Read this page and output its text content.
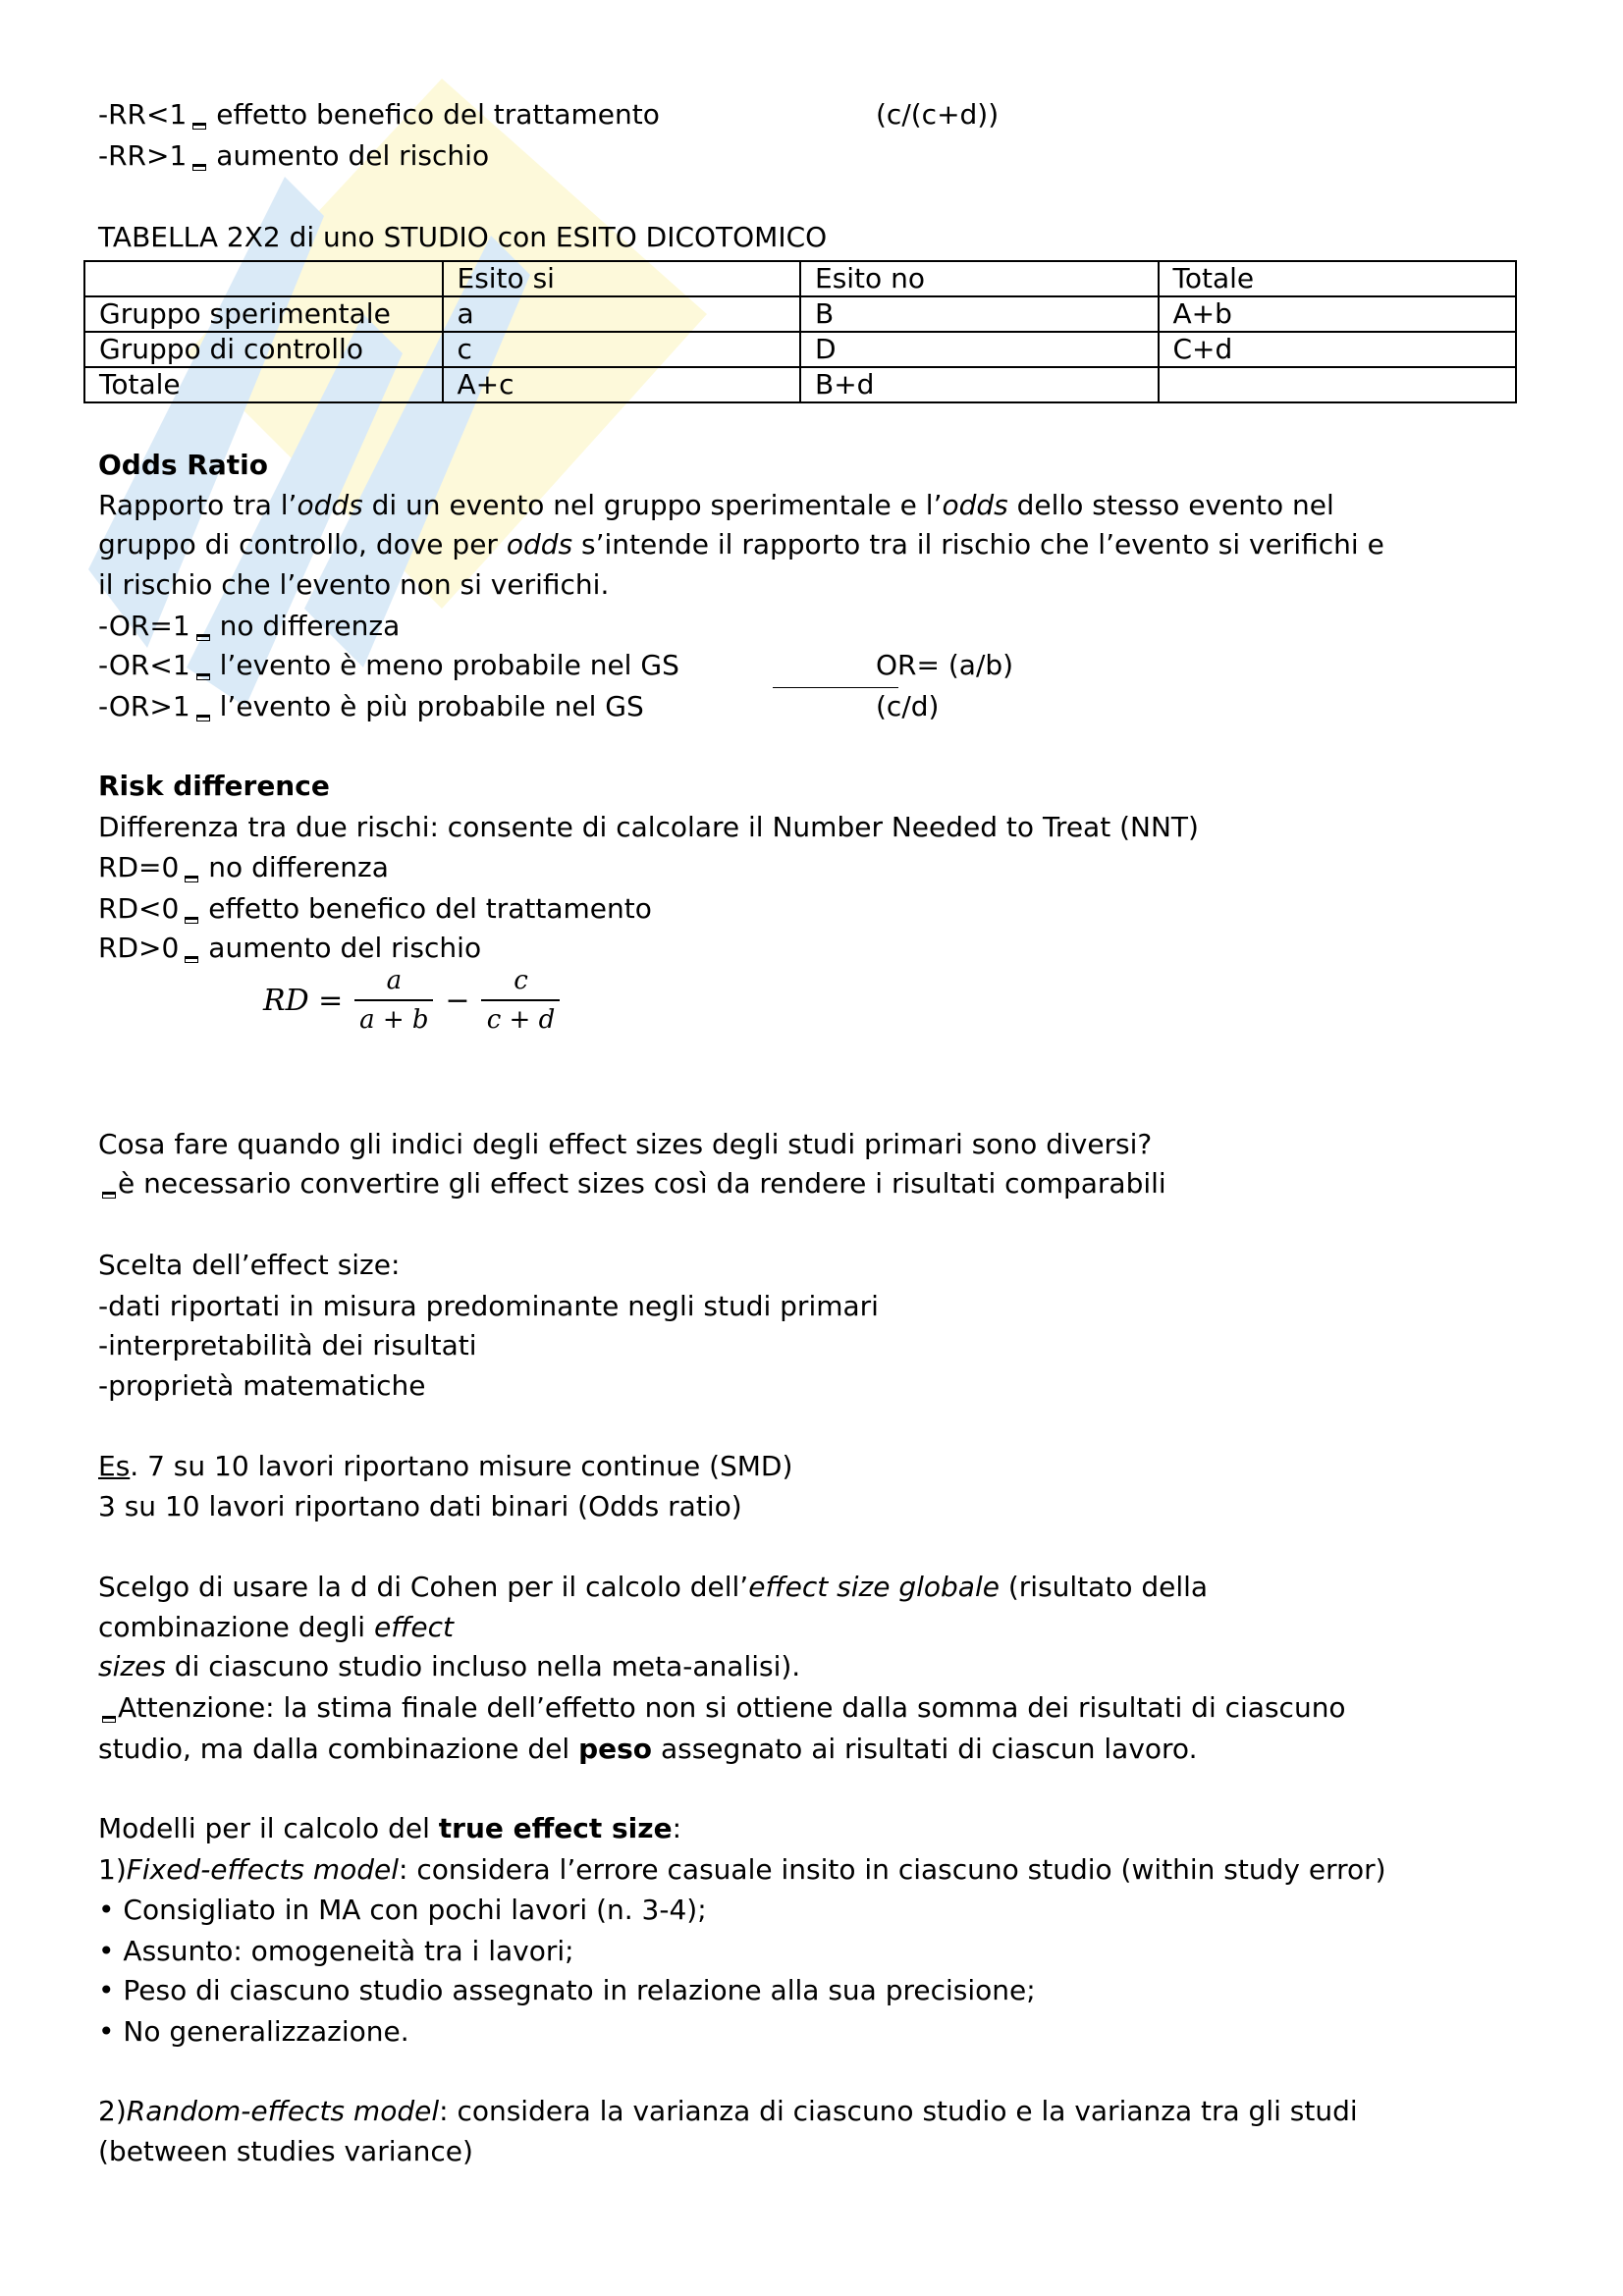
-RR<1 effetto benefico del trattamento
-RR>1 aumento del rischio
TABELLA 2X2 di uno STUDIO con ESITO DICOTOMICO
Odds Ratio
Rapporto tra l’odds di un evento nel gruppo sperimentale e l’odds dello stesso evento nel
gruppo di controllo, dove per odds s’intende il rapporto tra il rischio che l’evento si verifichi e
il rischio che l’evento non si verifichi.
-OR=1 no differenza
-OR<1 l’evento è meno probabile nel GS
-OR>1 l’evento è più probabile nel GS
Risk difference
Differenza tra due rischi: consente di calcolare il Number Needed to Treat (NNT)
RD=0 no differenza
RD<0 effetto benefico del trattamento
RD>0 aumento del rischio
Cosa fare quando gli indici degli effect sizes degli studi primari sono diversi?
è necessario convertire gli effect sizes così da rendere i risultati comparabili
Scelta dell’effect size:
-dati riportati in misura predominante negli studi primari
-interpretabilità dei risultati
-proprietà matematiche
Es. 7 su 10 lavori riportano misure continue (SMD)
3 su 10 lavori riportano dati binari (Odds ratio)
Scelgo di usare la d di Cohen per il calcolo dell’effect size globale (risultato della
combinazione degli effect
sizes di ciascuno studio incluso nella meta-analisi).
Attenzione: la stima finale dell’effetto non si ottiene dalla somma dei risultati di ciascuno
studio, ma dalla combinazione del peso assegnato ai risultati di ciascun lavoro.
Modelli per il calcolo del true effect size:
1)Fixed-effects model: considera l’errore casuale insito in ciascuno studio (within study error)
• Consigliato in MA con pochi lavori (n. 3-4);
• Assunto: omogeneità tra i lavori;
• Peso di ciascuno studio assegnato in relazione alla sua precisione;
• No generalizzazione.
2)Random-effects model: considera la varianza di ciascuno studio e la varianza tra gli studi
(between studies variance)
(c/(c+d))
OR= (a/b)
(c/d)
	Esito si	Esito no	Totale
Gruppo sperimentale	a	B	A+b
Gruppo di controllo	c	D	C+d
Totale	A+c	B+d	
RD =
a
a + b
−
c
c + d
